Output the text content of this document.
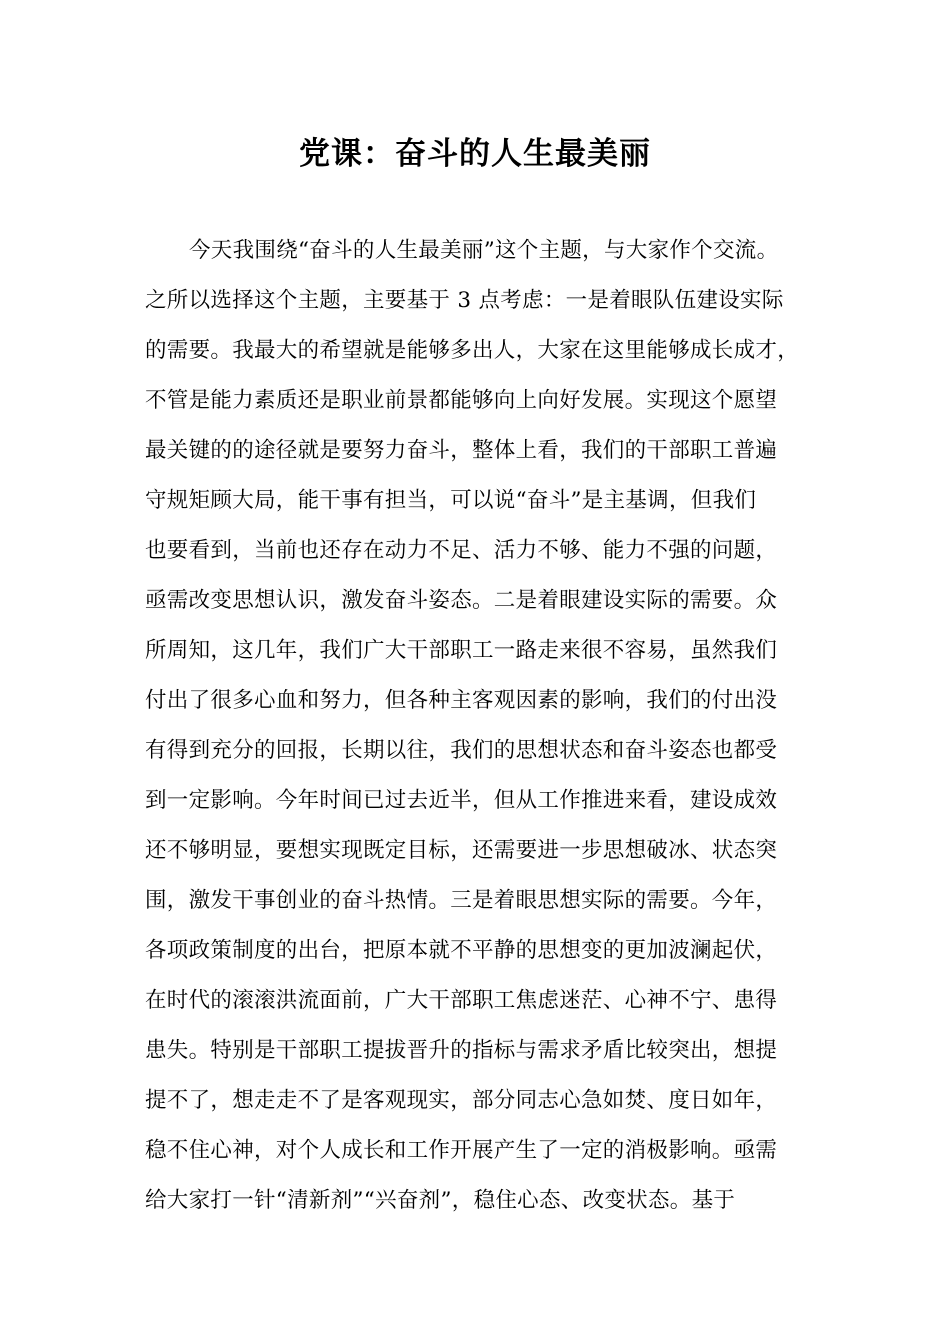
党课：奋斗的人生最美丽
今天我围绕“奋斗的人生最美丽”这个主题，与大家作个交流。
之所以选择这个主题，主要基于 3 点考虑：一是着眼队伍建设实际
的需要。我最大的希望就是能够多出人，大家在这里能够成长成才，
不管是能力素质还是职业前景都能够向上向好发展。实现这个愿望
最关键的的途径就是要努力奋斗，整体上看，我们的干部职工普遍
守规矩顾大局，能干事有担当，可以说“奋斗”是主基调，但我们
也要看到，当前也还存在动力不足、活力不够、能力不强的问题，
亟需改变思想认识，激发奋斗姿态。二是着眼建设实际的需要。众
所周知，这几年，我们广大干部职工一路走来很不容易，虽然我们
付出了很多心血和努力，但各种主客观因素的影响，我们的付出没
有得到充分的回报，长期以往，我们的思想状态和奋斗姿态也都受
到一定影响。今年时间已过去近半，但从工作推进来看，建设成效
还不够明显，要想实现既定目标，还需要进一步思想破冰、状态突
围，激发干事创业的奋斗热情。三是着眼思想实际的需要。今年，
各项政策制度的出台，把原本就不平静的思想变的更加波澜起伏，
在时代的滚滚洪流面前，广大干部职工焦虑迷茫、心神不宁、患得
患失。特别是干部职工提拔晋升的指标与需求矛盾比较突出，想提
提不了，想走走不了是客观现实，部分同志心急如焚、度日如年，
稳不住心神，对个人成长和工作开展产生了一定的消极影响。亟需
给大家打一针“清新剂”“兴奋剂”，稳住心态、改变状态。基于
